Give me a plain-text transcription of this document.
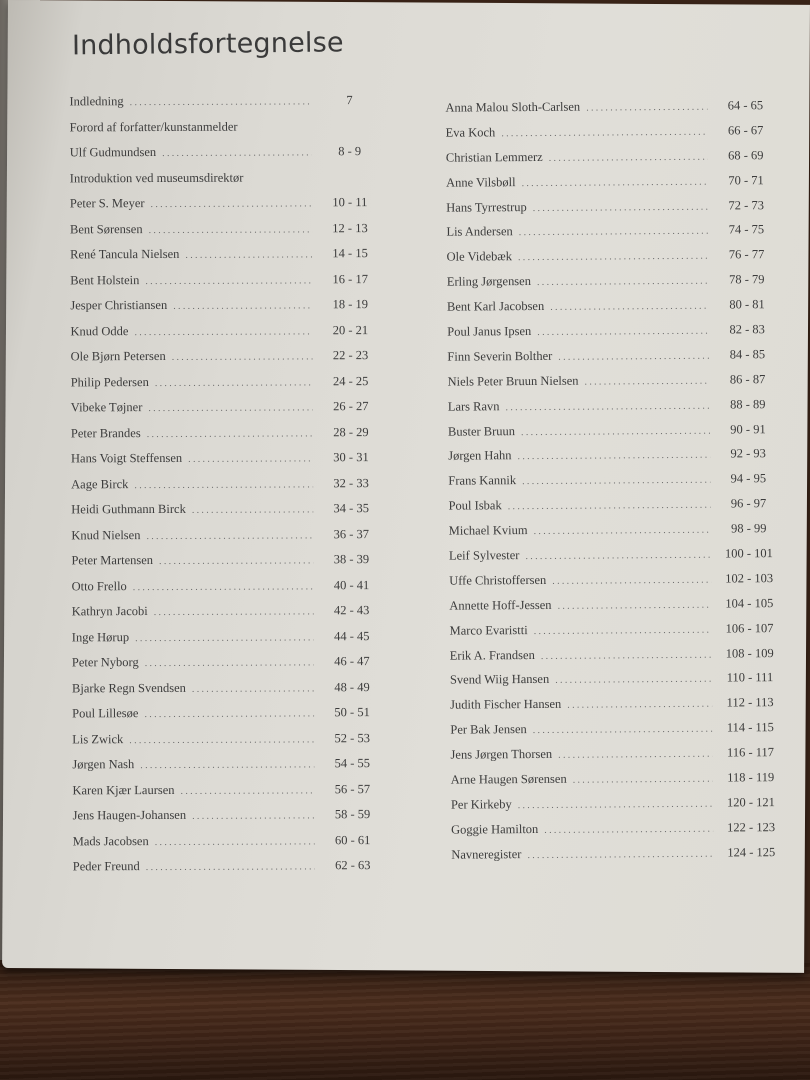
Indholdsfortegnelse
Indledning .....	7
Forord af forfatter/kunstanmelder
Ulf Gudmundsen .....	8 - 9
Introduktion ved museumsdirektør
Peter S. Meyer .....	10 - 11
Bent Sørensen .....	12 - 13
René Tancula Nielsen .....	14 - 15
Bent Holstein .....	16 - 17
Jesper Christiansen .....	18 - 19
Knud Odde .....	20 - 21
Ole Bjørn Petersen .....	22 - 23
Philip Pedersen .....	24 - 25
Vibeke Tøjner .....	26 - 27
Peter Brandes .....	28 - 29
Hans Voigt Steffensen .....	30 - 31
Aage Birck .....	32 - 33
Heidi Guthmann Birck .....	34 - 35
Knud Nielsen .....	36 - 37
Peter Martensen .....	38 - 39
Otto Frello .....	40 - 41
Kathryn Jacobi .....	42 - 43
Inge Hørup .....	44 - 45
Peter Nyborg .....	46 - 47
Bjarke Regn Svendsen .....	48 - 49
Poul Lillesøe .....	50 - 51
Lis Zwick .....	52 - 53
Jørgen Nash .....	54 - 55
Karen Kjær Laursen .....	56 - 57
Jens Haugen-Johansen .....	58 - 59
Mads Jacobsen .....	60 - 61
Peder Freund .....	62 - 63
Anna Malou Sloth-Carlsen .....	64 - 65
Eva Koch .....	66 - 67
Christian Lemmerz .....	68 - 69
Anne Vilsbøll .....	70 - 71
Hans Tyrrestrup .....	72 - 73
Lis Andersen .....	74 - 75
Ole Videbæk .....	76 - 77
Erling Jørgensen .....	78 - 79
Bent Karl Jacobsen .....	80 - 81
Poul Janus Ipsen .....	82 - 83
Finn Severin Bolther .....	84 - 85
Niels Peter Bruun Nielsen .....	86 - 87
Lars Ravn .....	88 - 89
Buster Bruun .....	90 - 91
Jørgen Hahn .....	92 - 93
Frans Kannik .....	94 - 95
Poul Isbak .....	96 - 97
Michael Kvium .....	98 - 99
Leif Sylvester .....	100 - 101
Uffe Christoffersen .....	102 - 103
Annette Hoff-Jessen .....	104 - 105
Marco Evaristti .....	106 - 107
Erik A. Frandsen .....	108 - 109
Svend Wiig Hansen .....	110 - 111
Judith Fischer Hansen .....	112 - 113
Per Bak Jensen .....	114 - 115
Jens Jørgen Thorsen .....	116 - 117
Arne Haugen Sørensen .....	118 - 119
Per Kirkeby .....	120 - 121
Goggie Hamilton .....	122 - 123
Navneregister .....	124 - 125
